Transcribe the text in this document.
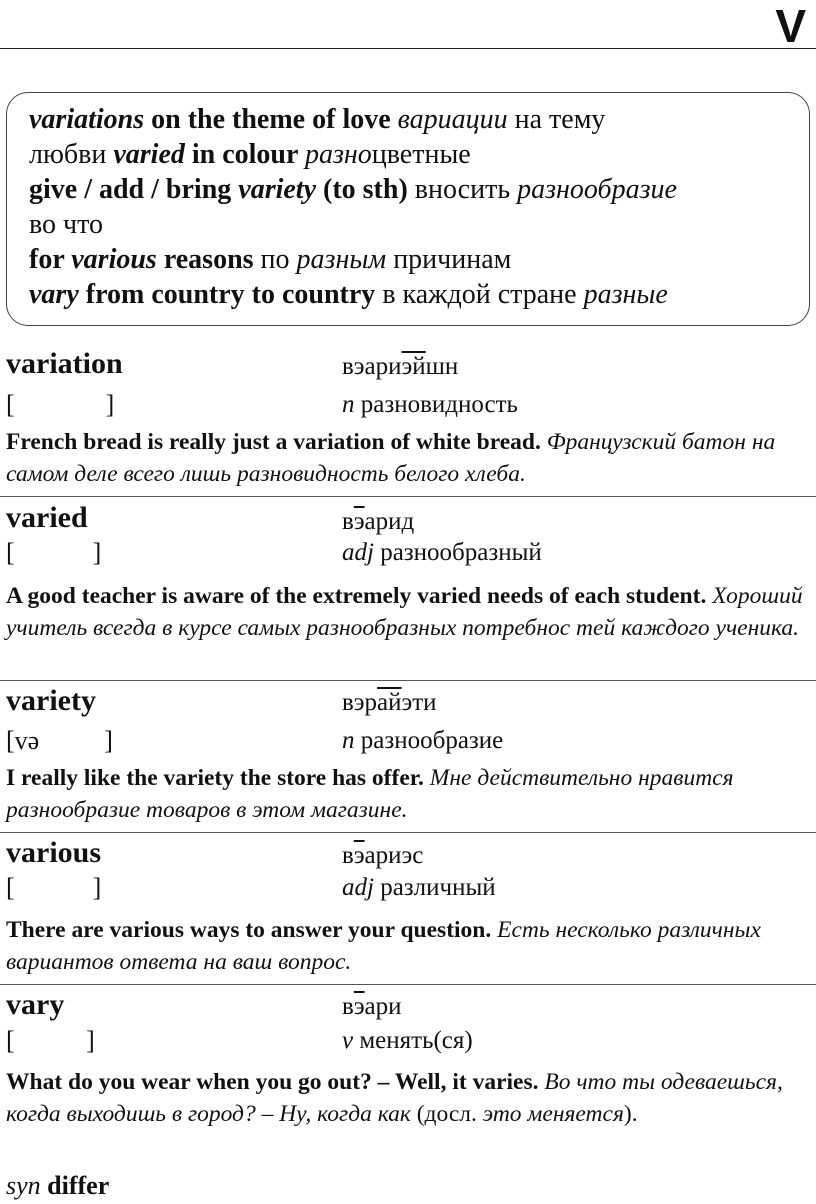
V
variations on the theme of love вариации на тему
любви varied in colour разноцветные
give / add / bring variety (to sth) вносить разнообразие
во что
for various reasons по разным причинам
vary from country to country в каждой стране разные
variation	вэариэйшн
[              ]	n разновидность
French bread is really just a variation of white bread. Французский батон на самом деле всего лишь разновидность белого хлеба.
varied	вэарид
[            ]	adj разнообразный
A good teacher is aware of the extremely varied needs of each student. Хороший учитель всегда в курсе самых разнообразных потребнос тей каждого ученика.
variety	вэрайэти
[və          ]	n разнообразие
I really like the variety the store has offer. Мне действительно нравится разнообразие товаров в этом магазине.
various	вэариэс
[            ]	adj различный
There are various ways to answer your question. Есть несколько различных вариантов ответа на ваш вопрос.
vary	вэари
[           ]	v менять(ся)
What do you wear when you go out? – Well, it varies. Во что ты одеваешься, когда выходишь в город? – Ну, когда как (досл. это меняется).
syn differ
